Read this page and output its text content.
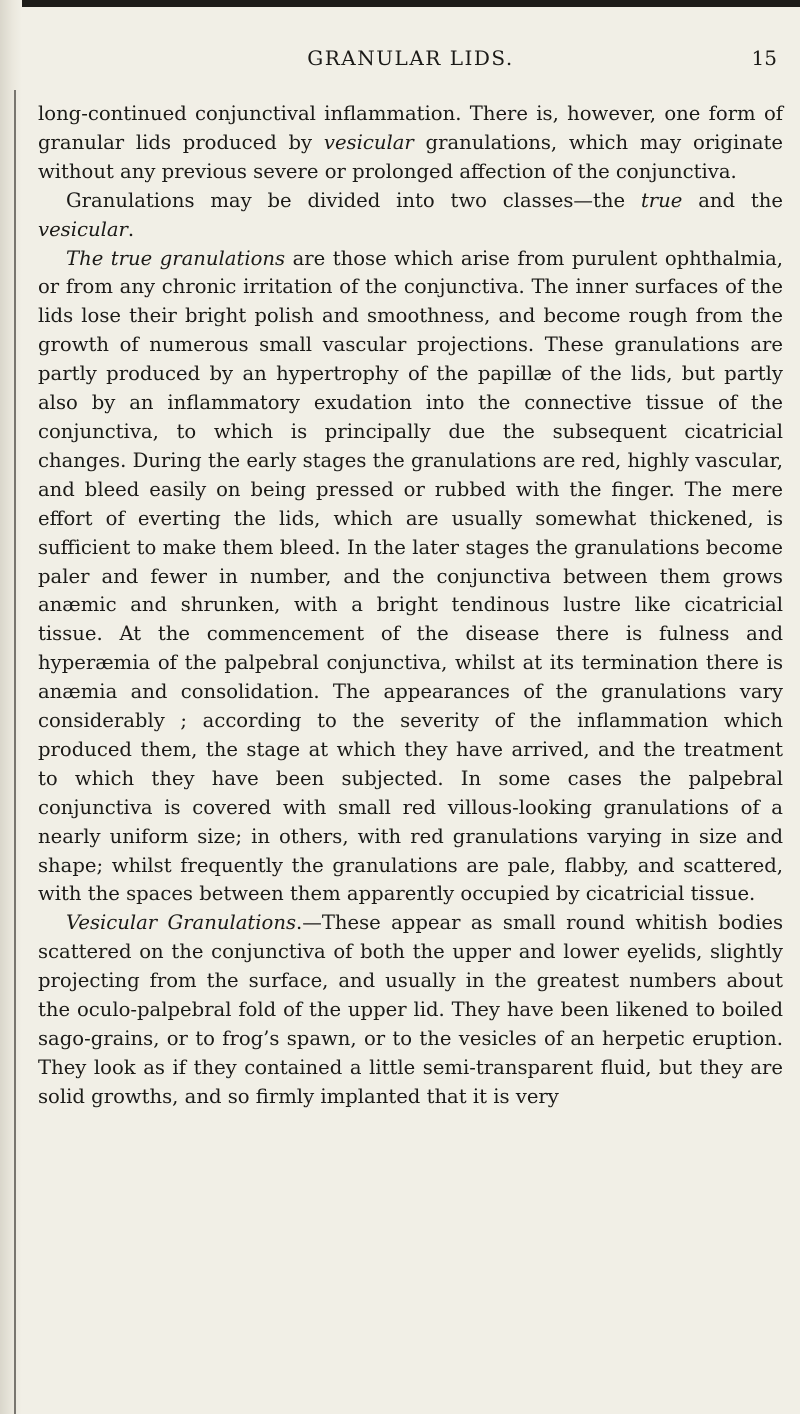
GRANULAR LIDS.	15

long-continued conjunctival inflammation. There is, however, one form of granular lids produced by vesicular granulations, which may originate without any previous severe or prolonged affection of the conjunctiva.

Granulations may be divided into two classes—the true and the vesicular.

The true granulations are those which arise from purulent ophthalmia, or from any chronic irritation of the conjunctiva. The inner surfaces of the lids lose their bright polish and smoothness, and become rough from the growth of numerous small vascular projections. These granulations are partly produced by an hypertrophy of the papillæ of the lids, but partly also by an inflammatory exudation into the connective tissue of the conjunctiva, to which is principally due the subsequent cicatricial changes. During the early stages the granulations are red, highly vascular, and bleed easily on being pressed or rubbed with the finger. The mere effort of everting the lids, which are usually somewhat thickened, is sufficient to make them bleed. In the later stages the granulations become paler and fewer in number, and the conjunctiva between them grows anæmic and shrunken, with a bright tendinous lustre like cicatricial tissue. At the commencement of the disease there is fulness and hyperæmia of the palpebral conjunctiva, whilst at its termination there is anæmia and consolidation. The appearances of the granulations vary considerably ; according to the severity of the inflammation which produced them, the stage at which they have arrived, and the treatment to which they have been subjected. In some cases the palpebral conjunctiva is covered with small red villous-looking granulations of a nearly uniform size; in others, with red granulations varying in size and shape; whilst frequently the granulations are pale, flabby, and scattered, with the spaces between them apparently occupied by cicatricial tissue.

Vesicular Granulations.—These appear as small round whitish bodies scattered on the conjunctiva of both the upper and lower eyelids, slightly projecting from the surface, and usually in the greatest numbers about the oculo-palpebral fold of the upper lid. They have been likened to boiled sago-grains, or to frog’s spawn, or to the vesicles of an herpetic eruption. They look as if they contained a little semi-transparent fluid, but they are solid growths, and so firmly implanted that it is very
